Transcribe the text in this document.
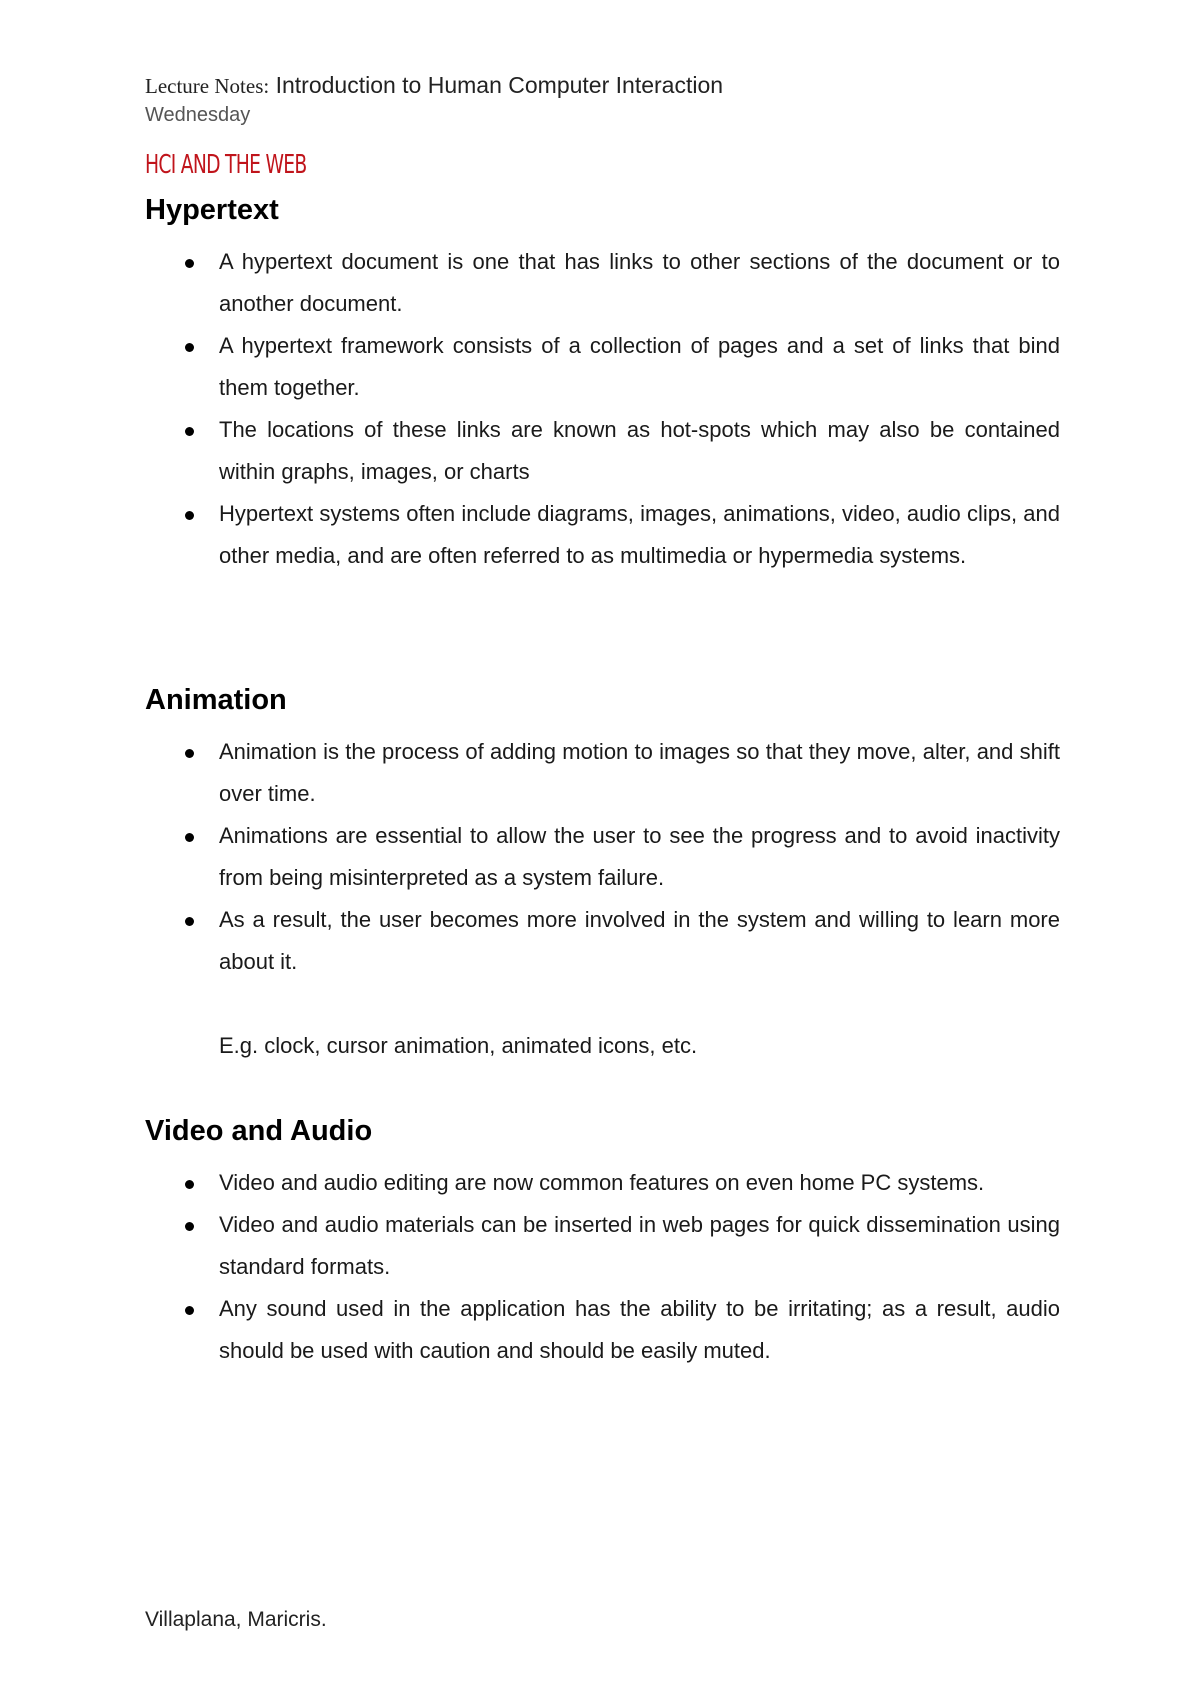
Lecture Notes: Introduction to Human Computer Interaction
Wednesday
HCI AND THE WEB
Hypertext
A hypertext document is one that has links to other sections of the document or to another document.
A hypertext framework consists of a collection of pages and a set of links that bind them together.
The locations of these links are known as hot-spots which may also be contained within graphs, images, or charts
Hypertext systems often include diagrams, images, animations, video, audio clips, and other media, and are often referred to as multimedia or hypermedia systems.
Animation
Animation is the process of adding motion to images so that they move, alter, and shift over time.
Animations are essential to allow the user to see the progress and to avoid inactivity from being misinterpreted as a system failure.
As a result, the user becomes more involved in the system and willing to learn more about it.
E.g. clock, cursor animation, animated icons, etc.
Video and Audio
Video and audio editing are now common features on even home PC systems.
Video and audio materials can be inserted in web pages for quick dissemination using standard formats.
Any sound used in the application has the ability to be irritating; as a result, audio should be used with caution and should be easily muted.
Villaplana, Maricris.
